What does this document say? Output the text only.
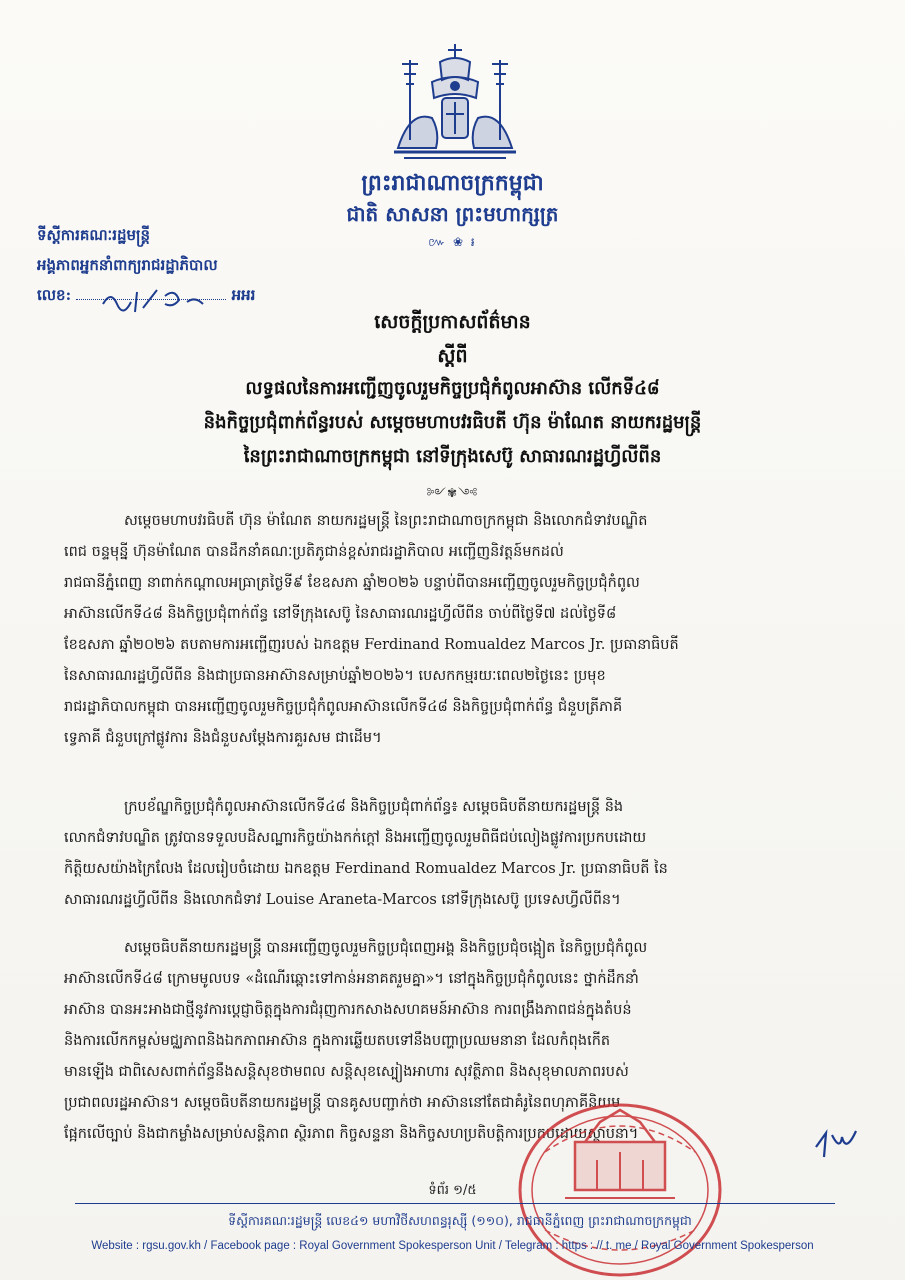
ព្រះរាជាណាចក្រកម្ពុជា
ជាតិ សាសនា ព្រះមហាក្សត្រ
៚ ❀ ៛
ទីស្តីការគណៈរដ្ឋមន្ត្រី
អង្គភាពអ្នកនាំពាក្យរាជរដ្ឋាភិបាល
លេខ:	អអរ
សេចក្តីប្រកាសព័ត៌មាន
ស្តីពី
លទ្ធផលនៃការអញ្ជើញចូលរួមកិច្ចប្រជុំកំពូលអាស៊ាន លើកទី៤៨
និងកិច្ចប្រជុំពាក់ព័ន្ធរបស់ សម្តេចមហាបវរធិបតី ហ៊ុន ម៉ាណែត នាយករដ្ឋមន្ត្រី
នៃព្រះរាជាណាចក្រកម្ពុជា នៅទីក្រុងសេប៊ូ សាធារណរដ្ឋហ្វីលីពីន
༻✾༺
សម្តេចមហាបវរធិបតី ហ៊ុន ម៉ាណែត នាយករដ្ឋមន្ត្រី នៃព្រះរាជាណាចក្រកម្ពុជា និងលោកជំទាវបណ្ឌិត
ពេជ ចន្ទមុន្នី ហ៊ុនម៉ាណែត បានដឹកនាំគណៈប្រតិភូជាន់ខ្ពស់រាជរដ្ឋាភិបាល អញ្ជើញនិវត្តន៍មកដល់
រាជធានីភ្នំពេញ នាពាក់កណ្តាលអធ្រាត្រថ្ងៃទី៩ ខែឧសភា ឆ្នាំ២០២៦ បន្ទាប់ពីបានអញ្ជើញចូលរួមកិច្ចប្រជុំកំពូល
អាស៊ានលើកទី៤៨ និងកិច្ចប្រជុំពាក់ព័ន្ធ នៅទីក្រុងសេប៊ូ នៃសាធារណរដ្ឋហ្វីលីពីន ចាប់ពីថ្ងៃទី៧ ដល់ថ្ងៃទី៨
ខែឧសភា ឆ្នាំ២០២៦ តបតាមការអញ្ជើញរបស់ ឯកឧត្តម Ferdinand Romualdez Marcos Jr. ប្រធានាធិបតី
នៃសាធារណរដ្ឋហ្វីលីពីន និងជាប្រធានអាស៊ានសម្រាប់ឆ្នាំ២០២៦។ បេសកកម្មរយៈពេល២ថ្ងៃនេះ ប្រមុខ
រាជរដ្ឋាភិបាលកម្ពុជា បានអញ្ជើញចូលរួមកិច្ចប្រជុំកំពូលអាស៊ានលើកទី៤៨ និងកិច្ចប្រជុំពាក់ព័ន្ធ ជំនួបត្រីភាគី
ទ្វេភាគី ជំនួបក្រៅផ្លូវការ និងជំនួបសម្តែងការគួរសម ជាដើម។
ក្របខ័ណ្ឌកិច្ចប្រជុំកំពូលអាស៊ានលើកទី៤៨ និងកិច្ចប្រជុំពាក់ព័ន្ធ៖ សម្តេចធិបតីនាយករដ្ឋមន្ត្រី និង
លោកជំទាវបណ្ឌិត ត្រូវបានទទួលបដិសណ្ឋារកិច្ចយ៉ាងកក់ក្តៅ និងអញ្ជើញចូលរួមពិធីជប់លៀងផ្លូវការប្រកបដោយ
កិត្តិយសយ៉ាងក្រៃលែង ដែលរៀបចំដោយ ឯកឧត្តម Ferdinand Romualdez Marcos Jr. ប្រធានាធិបតី នៃ
សាធារណរដ្ឋហ្វីលីពីន និងលោកជំទាវ Louise Araneta-Marcos នៅទីក្រុងសេប៊ូ ប្រទេសហ្វីលីពីន។
សម្តេចធិបតីនាយករដ្ឋមន្ត្រី បានអញ្ជើញចូលរួមកិច្ចប្រជុំពេញអង្គ និងកិច្ចប្រជុំចង្អៀត នៃកិច្ចប្រជុំកំពូល
អាស៊ានលើកទី៤៨ ក្រោមមូលបទ «ដំណើរឆ្ពោះទៅកាន់អនាគតរួមគ្នា»។ នៅក្នុងកិច្ចប្រជុំកំពូលនេះ ថ្នាក់ដឹកនាំ
អាស៊ាន បានអះអាងជាថ្មីនូវការប្តេជ្ញាចិត្តក្នុងការជំរុញការកសាងសហគមន៍អាស៊ាន ការពង្រឹងភាពជន់ក្នុងតំបន់
និងការលើកកម្ពស់មជ្ឈភាពនិងឯកភាពអាស៊ាន ក្នុងការឆ្លើយតបទៅនឹងបញ្ហាប្រឈមនានា ដែលកំពុងកើត
មានឡើង ជាពិសេសពាក់ព័ន្ធនឹងសន្តិសុខថាមពល សន្តិសុខស្បៀងអាហារ សុវត្ថិភាព និងសុខុមាលភាពរបស់
ប្រជាពលរដ្ឋអាស៊ាន។ សម្តេចធិបតីនាយករដ្ឋមន្ត្រី បានគូសបញ្ជាក់ថា អាស៊ាននៅតែជាគំរូនៃពហុភាគីនិយម
ផ្អែកលើច្បាប់ និងជាកម្លាំងសម្រាប់សន្តិភាព ស្ថិរភាព កិច្ចសន្ទនា និងកិច្ចសហប្រតិបត្តិការប្រកបដោយស្ថាបនា។
ទំព័រ ១/៥
ទីស្តីការគណៈរដ្ឋមន្ត្រី លេខ៤១ មហាវិថីសហពន្ធរុស្ស៊ី (១១០), រាជធានីភ្នំពេញ ព្រះរាជាណាចក្រកម្ពុជា
Website : rgsu.gov.kh / Facebook page : Royal Government Spokesperson Unit / Telegram : https : // t. me / Royal Government Spokesperson
